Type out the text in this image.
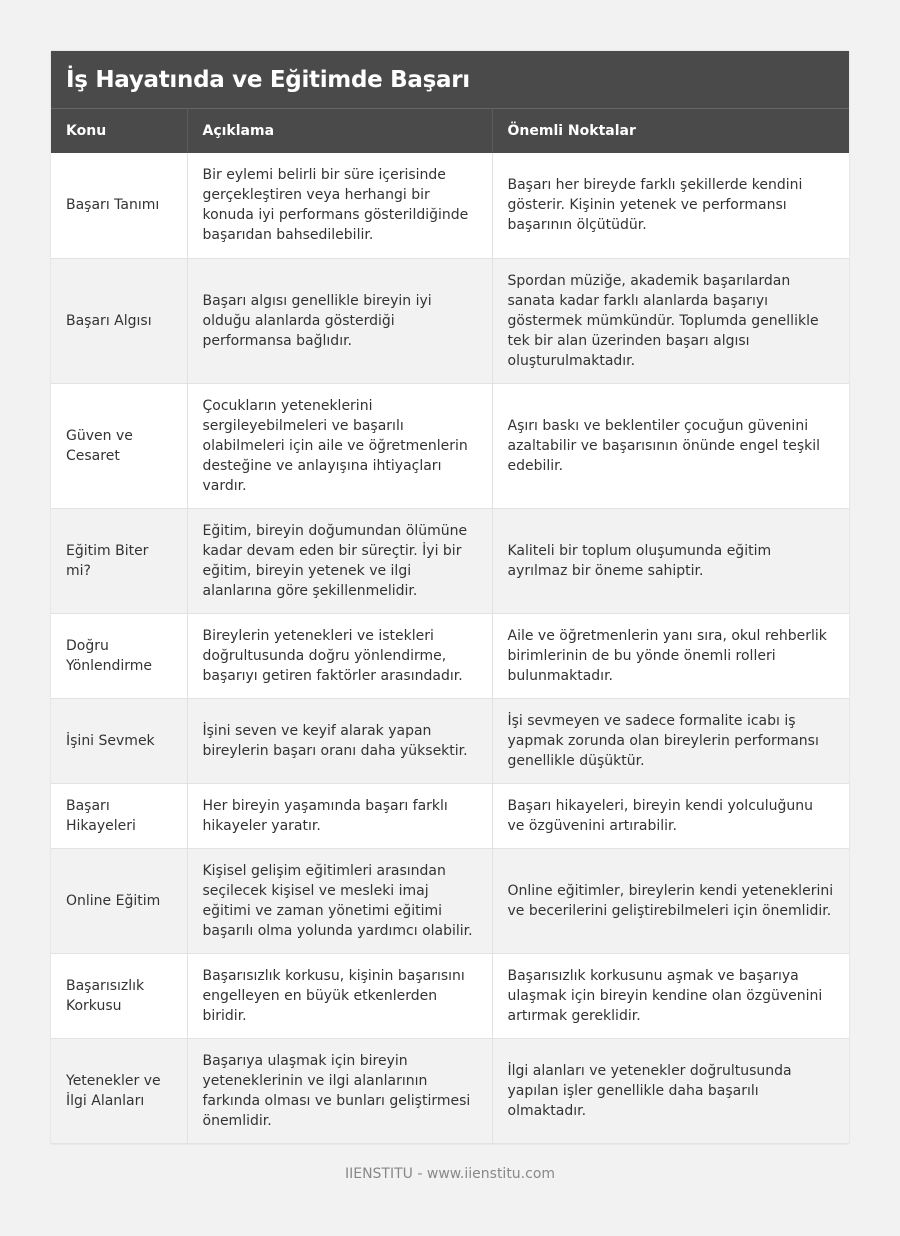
İş Hayatında ve Eğitimde Başarı
Konu	Açıklama	Önemli Noktalar
Başarı Tanımı	Bir eylemi belirli bir süre içerisinde gerçekleştiren veya herhangi bir konuda iyi performans gösterildiğinde başarıdan bahsedilebilir.	Başarı her bireyde farklı şekillerde kendini gösterir. Kişinin yetenek ve performansı başarının ölçütüdür.
Başarı Algısı	Başarı algısı genellikle bireyin iyi olduğu alanlarda gösterdiği performansa bağlıdır.	Spordan müziğe, akademik başarılardan sanata kadar farklı alanlarda başarıyı göstermek mümkündür. Toplumda genellikle tek bir alan üzerinden başarı algısı oluşturulmaktadır.
Güven ve Cesaret	Çocukların yeteneklerini sergileyebilmeleri ve başarılı olabilmeleri için aile ve öğretmenlerin desteğine ve anlayışına ihtiyaçları vardır.	Aşırı baskı ve beklentiler çocuğun güvenini azaltabilir ve başarısının önünde engel teşkil edebilir.
Eğitim Biter mi?	Eğitim, bireyin doğumundan ölümüne kadar devam eden bir süreçtir. İyi bir eğitim, bireyin yetenek ve ilgi alanlarına göre şekillenmelidir.	Kaliteli bir toplum oluşumunda eğitim ayrılmaz bir öneme sahiptir.
Doğru Yönlendirme	Bireylerin yetenekleri ve istekleri doğrultusunda doğru yönlendirme, başarıyı getiren faktörler arasındadır.	Aile ve öğretmenlerin yanı sıra, okul rehberlik birimlerinin de bu yönde önemli rolleri bulunmaktadır.
İşini Sevmek	İşini seven ve keyif alarak yapan bireylerin başarı oranı daha yüksektir.	İşi sevmeyen ve sadece formalite icabı iş yapmak zorunda olan bireylerin performansı genellikle düşüktür.
Başarı Hikayeleri	Her bireyin yaşamında başarı farklı hikayeler yaratır.	Başarı hikayeleri, bireyin kendi yolculuğunu ve özgüvenini artırabilir.
Online Eğitim	Kişisel gelişim eğitimleri arasından seçilecek kişisel ve mesleki imaj eğitimi ve zaman yönetimi eğitimi başarılı olma yolunda yardımcı olabilir.	Online eğitimler, bireylerin kendi yeteneklerini ve becerilerini geliştirebilmeleri için önemlidir.
Başarısızlık Korkusu	Başarısızlık korkusu, kişinin başarısını engelleyen en büyük etkenlerden biridir.	Başarısızlık korkusunu aşmak ve başarıya ulaşmak için bireyin kendine olan özgüvenini artırmak gereklidir.
Yetenekler ve İlgi Alanları	Başarıya ulaşmak için bireyin yeteneklerinin ve ilgi alanlarının farkında olması ve bunları geliştirmesi önemlidir.	İlgi alanları ve yetenekler doğrultusunda yapılan işler genellikle daha başarılı olmaktadır.
IIENSTITU - www.iienstitu.com
